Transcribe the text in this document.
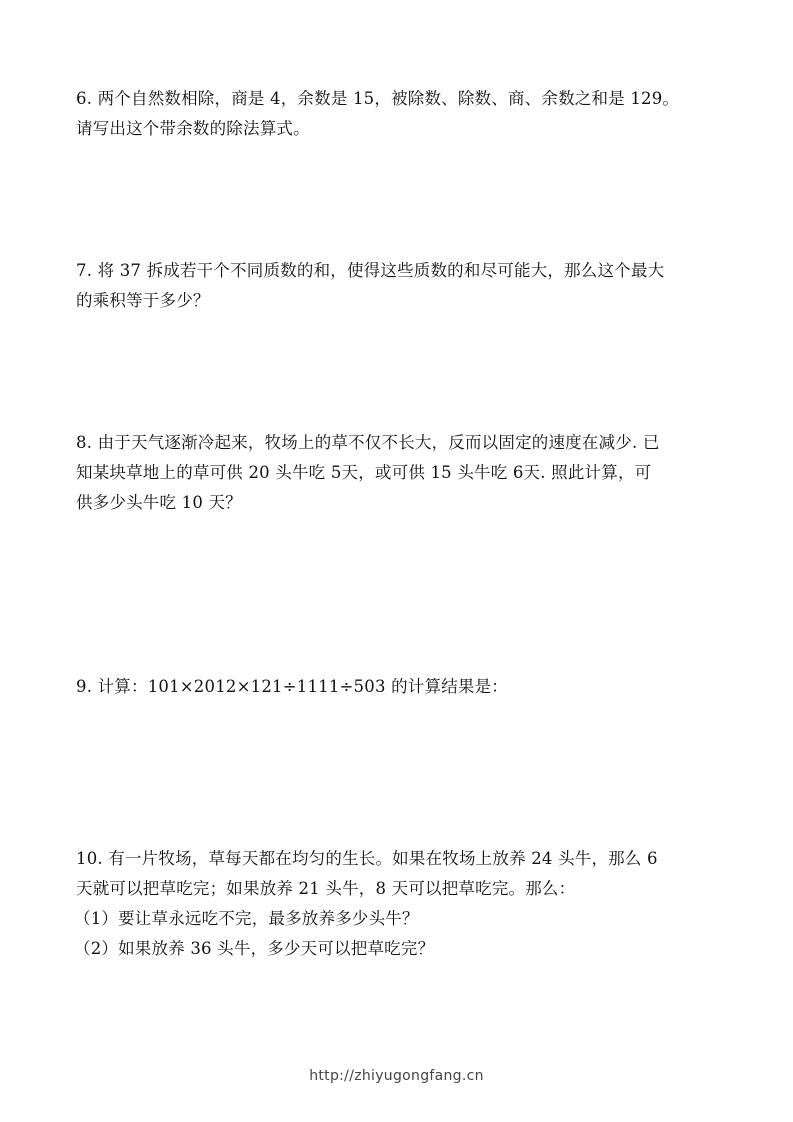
6. 两个自然数相除，商是 4，余数是 15，被除数、除数、商、余数之和是 129。
请写出这个带余数的除法算式。
7. 将 37 拆成若干个不同质数的和，使得这些质数的和尽可能大，那么这个最大
的乘积等于多少？
8. 由于天气逐渐冷起来，牧场上的草不仅不长大，反而以固定的速度在减少. 已
知某块草地上的草可供 20 头牛吃 5天，或可供 15 头牛吃 6天. 照此计算，可
供多少头牛吃 10 天？
9. 计算：101×2012×121÷1111÷503 的计算结果是：
10. 有一片牧场，草每天都在均匀的生长。如果在牧场上放养 24 头牛，那么 6
天就可以把草吃完；如果放养 21 头牛，8 天可以把草吃完。那么：
（1）要让草永远吃不完，最多放养多少头牛？
（2）如果放养 36 头牛，多少天可以把草吃完？
http://zhiyugongfang.cn
